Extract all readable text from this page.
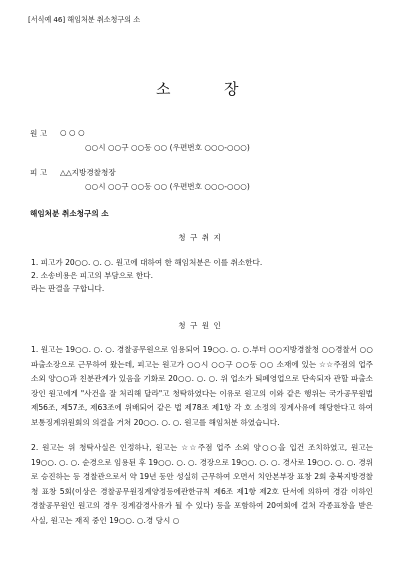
[서식예 46] 해임처분 취소청구의 소
소	장
원 고 ○ ○ ○
○○시 ○○구 ○○동 ○○ (우편번호 ○○○-○○○)
피 고 △△지방경찰청장
○○시 ○○구 ○○동 ○○ (우편번호 ○○○-○○○)
해임처분 취소청구의 소
청 구 취 지
1. 피고가 20○○. ○. ○. 원고에 대하여 한 해임처분은 이를 취소한다.
2. 소송비용은 피고의 부담으로 한다.
라는 판결을 구합니다.
청 구 원 인
1. 원고는 19○○. ○. ○. 경찰공무원으로 임용되어 19○○. ○. ○.부터 ○○지방경찰청 ○○경찰서 ○○파출소장으로 근무하여 왔는데, 피고는 원고가 ○○시 ○○구 ○○동 ○○ 소재에 있는 ☆☆주점의 업주 소외 양○○과 친분관계가 있음을 기화로 20○○. ○. ○. 위 업소가 퇴폐영업으로 단속되자 관할 파출소장인 원고에게 "사건을 잘 처리해 달라"고 청탁하였다는 이유로 원고의 이와 같은 행위는 국가공무원법 제56조, 제57조, 제63조에 위배되어 같은 법 제78조 제1항 각 호 소정의 징계사유에 해당한다고 하여 보통징계위원회의 의결을 거쳐 20○○. ○. ○. 원고를 해임처분 하였습니다.
2. 원고는 위 청탁사실은 인정하나, 원고는 ☆☆주점 업주 소외 양○○을 입건 조치하였고, 원고는 19○○. ○. ○. 순경으로 임용된 후 19○○. ○. ○. 경장으로 19○○. ○. ○. 경사로 19○○. ○. ○. 경위로 승진하는 등 경찰관으로서 약 19년 동안 성실히 근무하여 오면서 치안본부장 표창 2회 충북지방경찰청 표창 5회(이상은 경찰공무원징계양정등에관한규칙 제6조 제1항 제2호 단서에 의하여 경감 이하인 경찰공무원인 원고의 경우 징계감경사유가 될 수 있다) 등을 포함하여 20여회에 걸쳐 각종표창을 받은 사실, 원고는 재직 중인 19○○. ○.경 당시 ○
